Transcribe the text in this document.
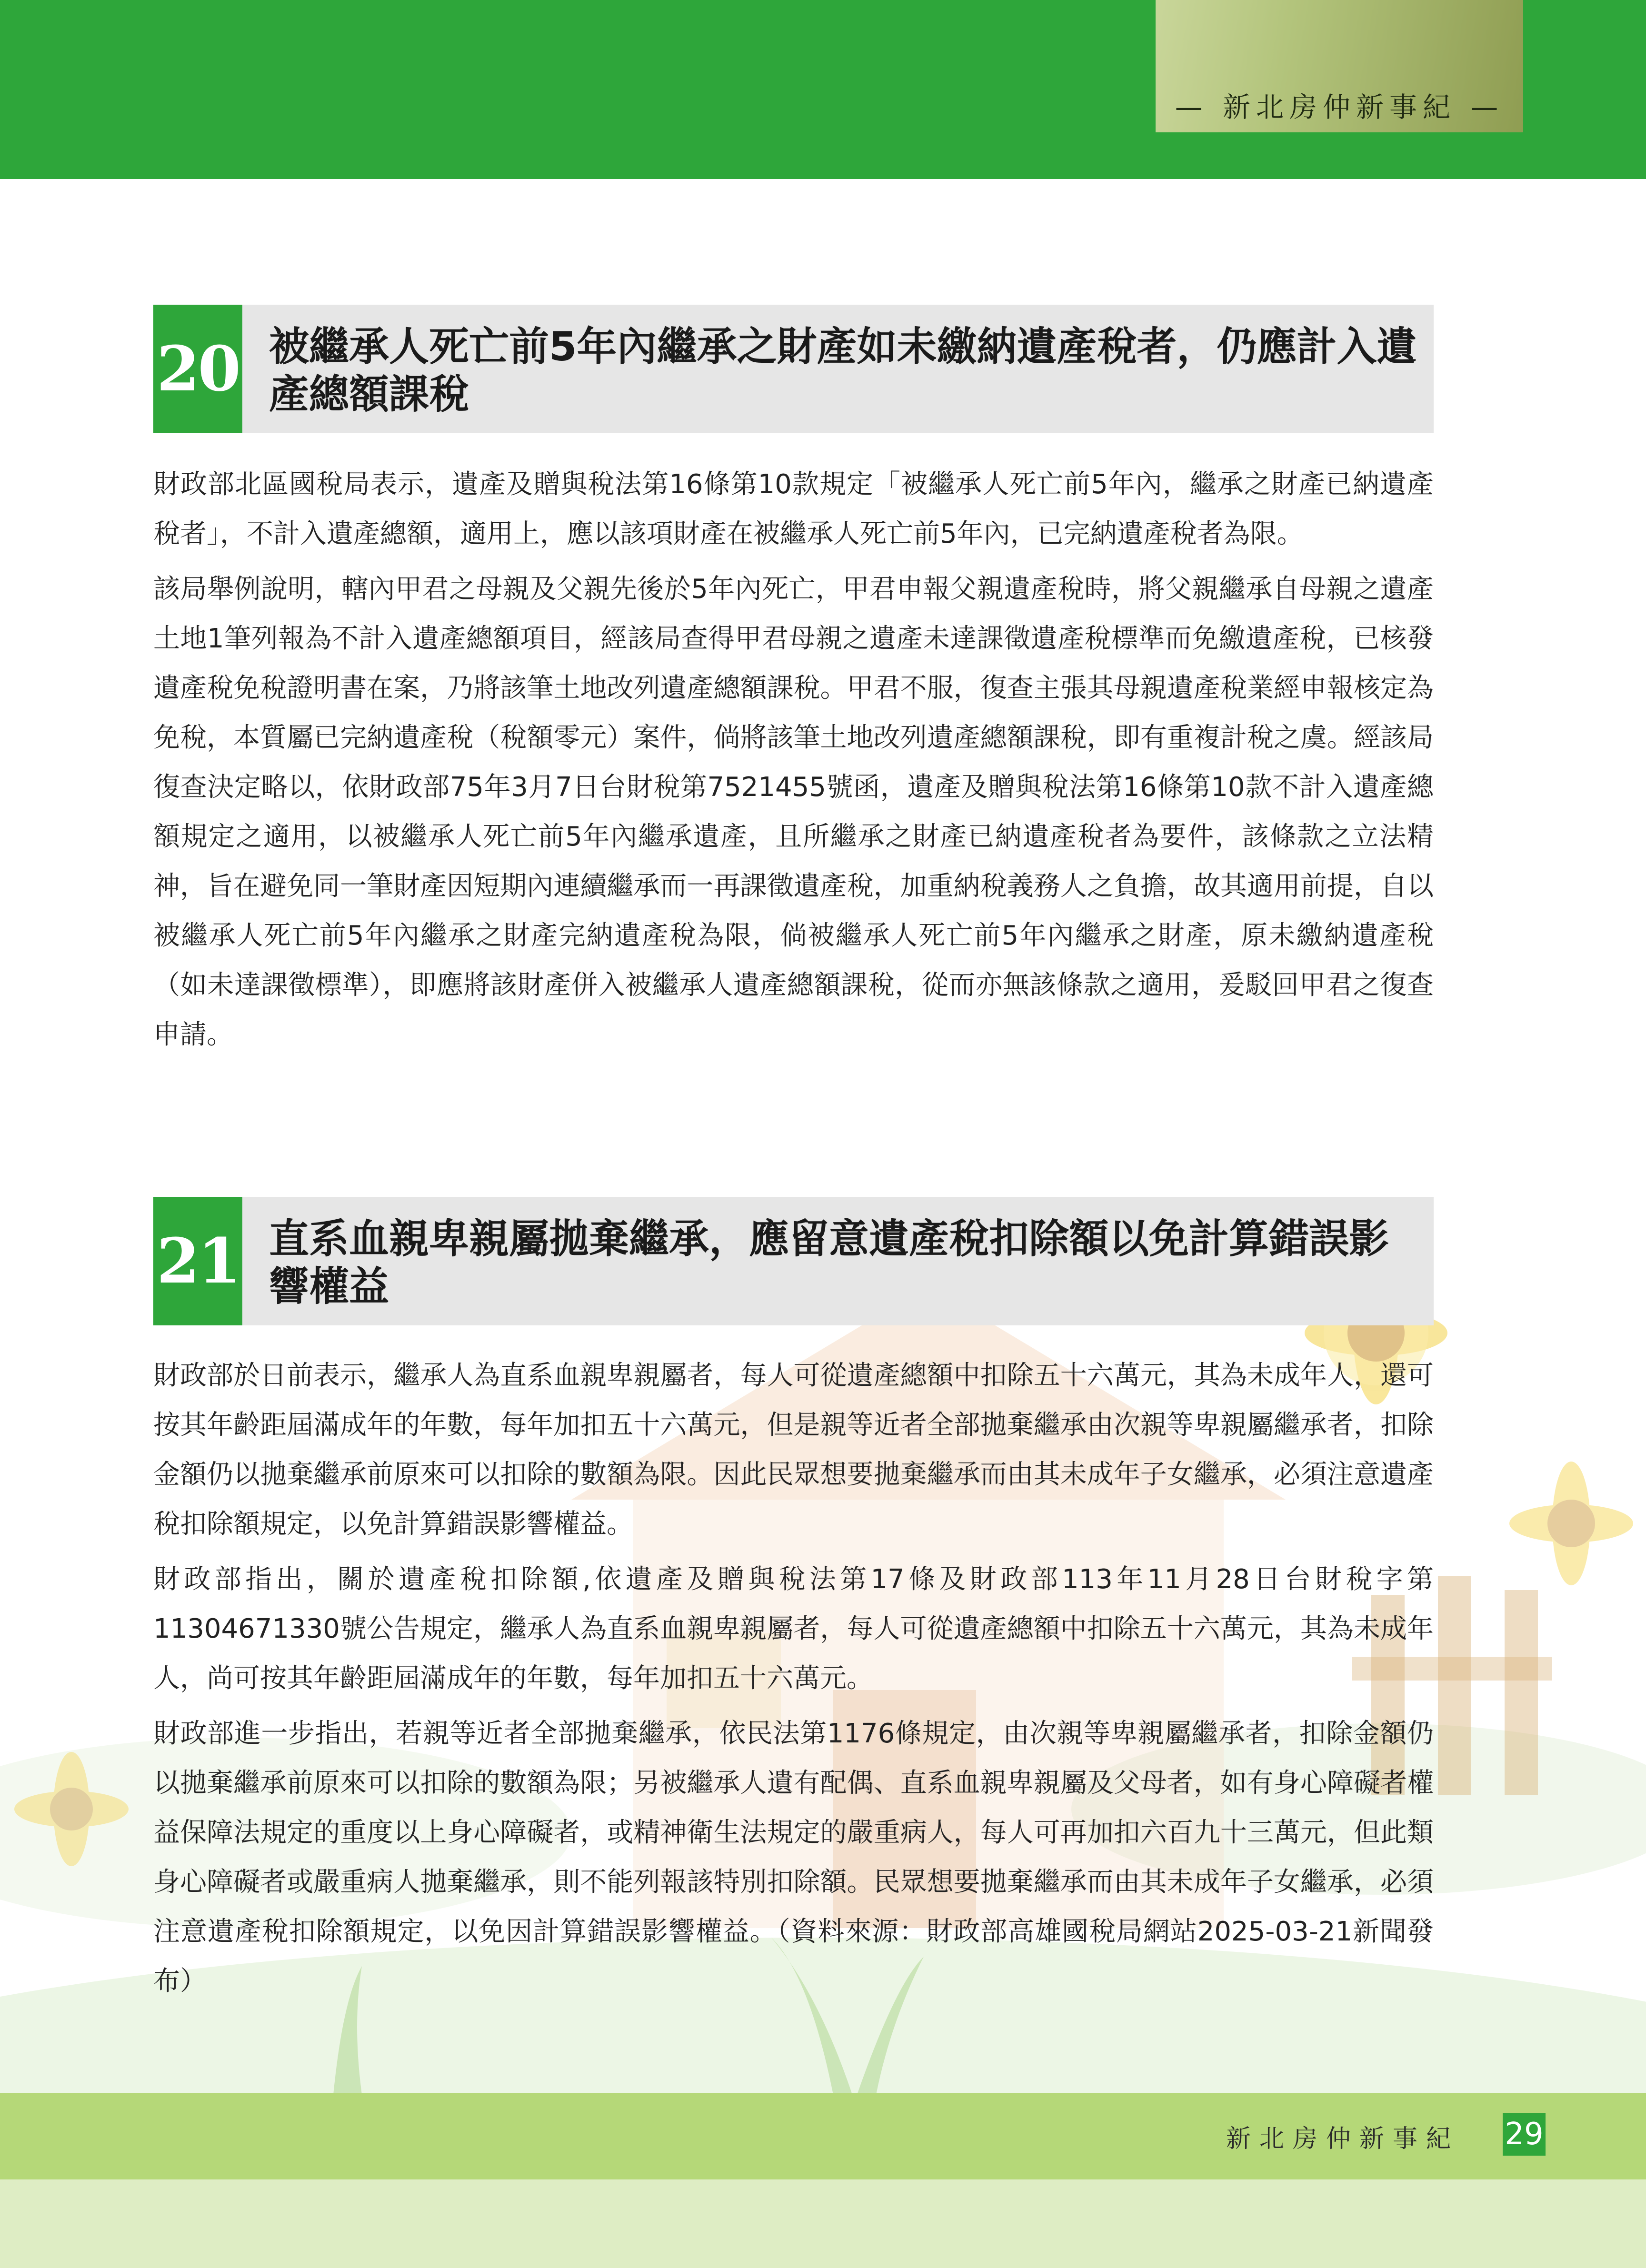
— 新北房仲新事紀 —
20 被繼承人死亡前5年內繼承之財產如未繳納遺產稅者，仍應計入遺產總額課稅

財政部北區國稅局表示，遺產及贈與稅法第16條第10款規定「被繼承人死亡前5年內，繼承之財產已納遺產稅者」，不計入遺產總額，適用上，應以該項財產在被繼承人死亡前5年內，已完納遺產稅者為限。

該局舉例說明，轄內甲君之母親及父親先後於5年內死亡，甲君申報父親遺產稅時，將父親繼承自母親之遺產土地1筆列報為不計入遺產總額項目，經該局查得甲君母親之遺產未達課徵遺產稅標準而免繳遺產稅，已核發遺產稅免稅證明書在案，乃將該筆土地改列遺產總額課稅。甲君不服，復查主張其母親遺產稅業經申報核定為免稅，本質屬已完納遺產稅（稅額零元）案件，倘將該筆土地改列遺產總額課稅，即有重複計稅之虞。經該局復查決定略以，依財政部75年3月7日台財稅第7521455號函，遺產及贈與稅法第16條第10款不計入遺產總額規定之適用，以被繼承人死亡前5年內繼承遺產，且所繼承之財產已納遺產稅者為要件，該條款之立法精神，旨在避免同一筆財產因短期內連續繼承而一再課徵遺產稅，加重納稅義務人之負擔，故其適用前提，自以被繼承人死亡前5年內繼承之財產完納遺產稅為限，倘被繼承人死亡前5年內繼承之財產，原未繳納遺產稅（如未達課徵標準），即應將該財產併入被繼承人遺產總額課稅，從而亦無該條款之適用，爰駁回甲君之復查申請。

21 直系血親卑親屬拋棄繼承，應留意遺產稅扣除額以免計算錯誤影響權益

財政部於日前表示，繼承人為直系血親卑親屬者，每人可從遺產總額中扣除五十六萬元，其為未成年人，還可按其年齡距屆滿成年的年數，每年加扣五十六萬元，但是親等近者全部拋棄繼承由次親等卑親屬繼承者，扣除金額仍以拋棄繼承前原來可以扣除的數額為限。因此民眾想要拋棄繼承而由其未成年子女繼承，必須注意遺產稅扣除額規定，以免計算錯誤影響權益。

財政部指出，關於遺產稅扣除額,依遺產及贈與稅法第17條及財政部113年11月28日台財稅字第11304671330號公告規定，繼承人為直系血親卑親屬者，每人可從遺產總額中扣除五十六萬元，其為未成年人，尚可按其年齡距屆滿成年的年數，每年加扣五十六萬元。

財政部進一步指出，若親等近者全部拋棄繼承，依民法第1176條規定，由次親等卑親屬繼承者，扣除金額仍以拋棄繼承前原來可以扣除的數額為限；另被繼承人遺有配偶、直系血親卑親屬及父母者，如有身心障礙者權益保障法規定的重度以上身心障礙者，或精神衛生法規定的嚴重病人，每人可再加扣六百九十三萬元，但此類身心障礙者或嚴重病人拋棄繼承，則不能列報該特別扣除額。民眾想要拋棄繼承而由其未成年子女繼承，必須注意遺產稅扣除額規定，以免因計算錯誤影響權益。（資料來源：財政部高雄國稅局網站2025-03-21新聞發布）

新北房仲新事紀 29
